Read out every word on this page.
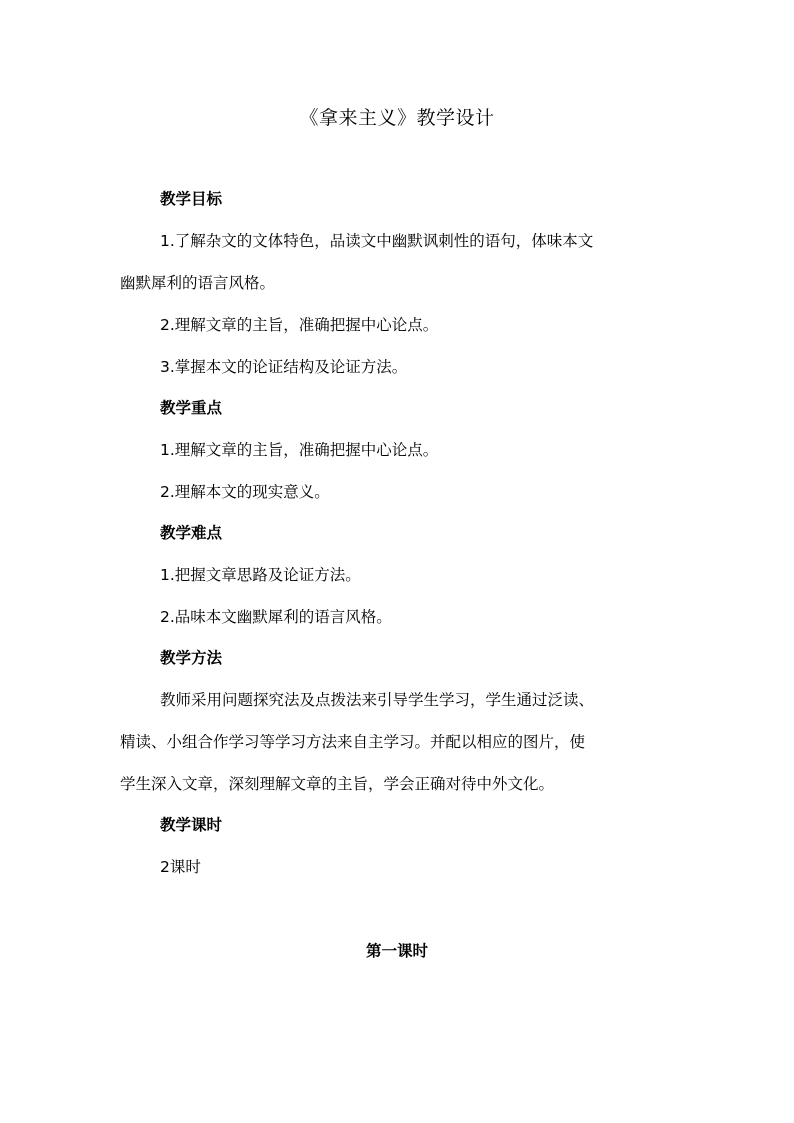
《拿来主义》教学设计
教学目标
1.了解杂文的文体特色，品读文中幽默讽刺性的语句，体味本文
幽默犀利的语言风格。
2.理解文章的主旨，准确把握中心论点。
3.掌握本文的论证结构及论证方法。
教学重点
1.理解文章的主旨，准确把握中心论点。
2.理解本文的现实意义。
教学难点
1.把握文章思路及论证方法。
2.品味本文幽默犀利的语言风格。
教学方法
教师采用问题探究法及点拨法来引导学生学习，学生通过泛读、
精读、小组合作学习等学习方法来自主学习。并配以相应的图片，使
学生深入文章，深刻理解文章的主旨，学会正确对待中外文化。
教学课时
2课时
第一课时
